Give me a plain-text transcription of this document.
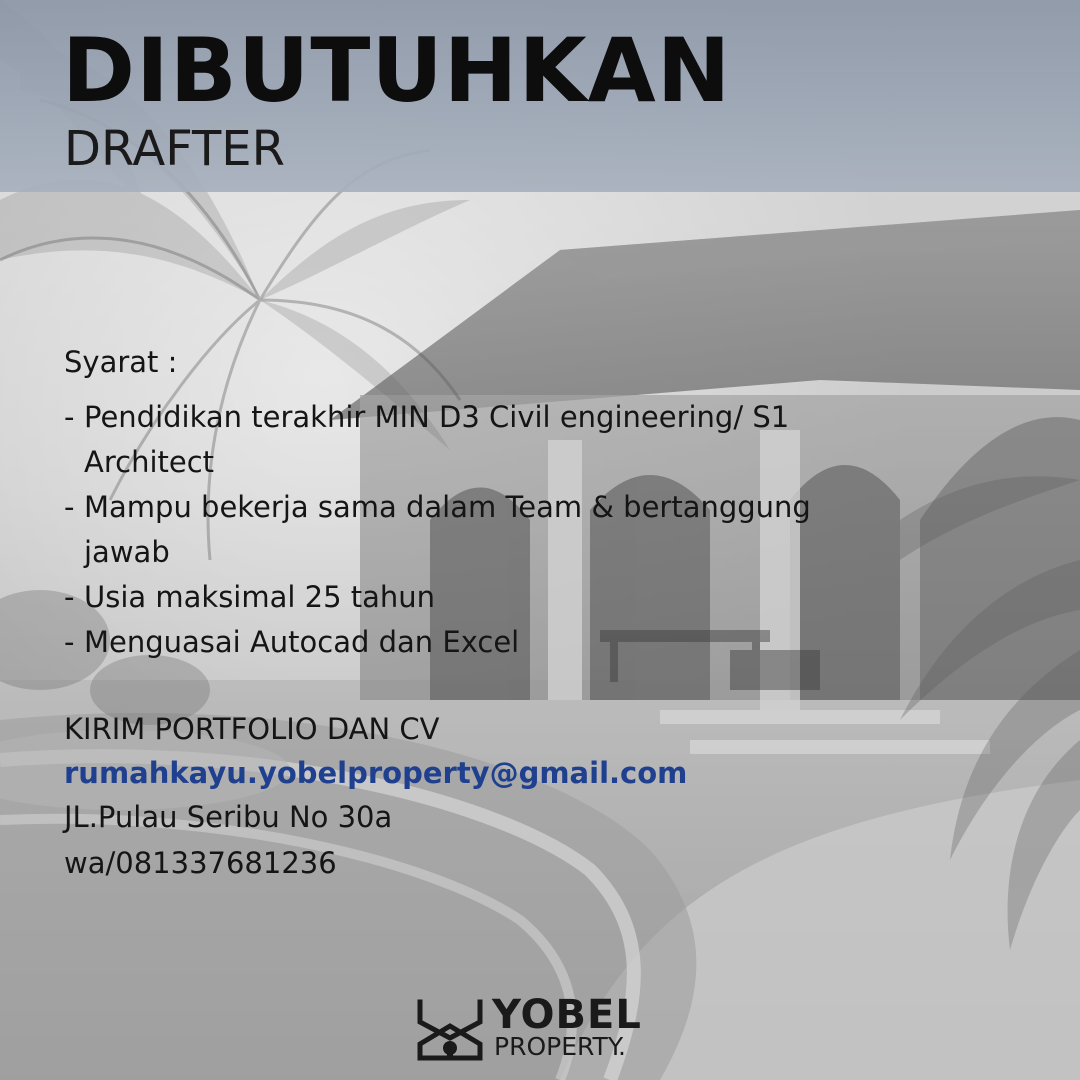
DIBUTUHKAN
DRAFTER
Syarat :
- Pendidikan terakhir MIN D3 Civil engineering/ S1 Architect
- Mampu bekerja sama dalam Team & bertanggung jawab
- Usia maksimal 25 tahun
- Menguasai Autocad dan Excel
KIRIM PORTFOLIO DAN CV
rumahkayu.yobelproperty@gmail.com
JL.Pulau Seribu No 30a
wa/081337681236
YOBEL
PROPERTY.
